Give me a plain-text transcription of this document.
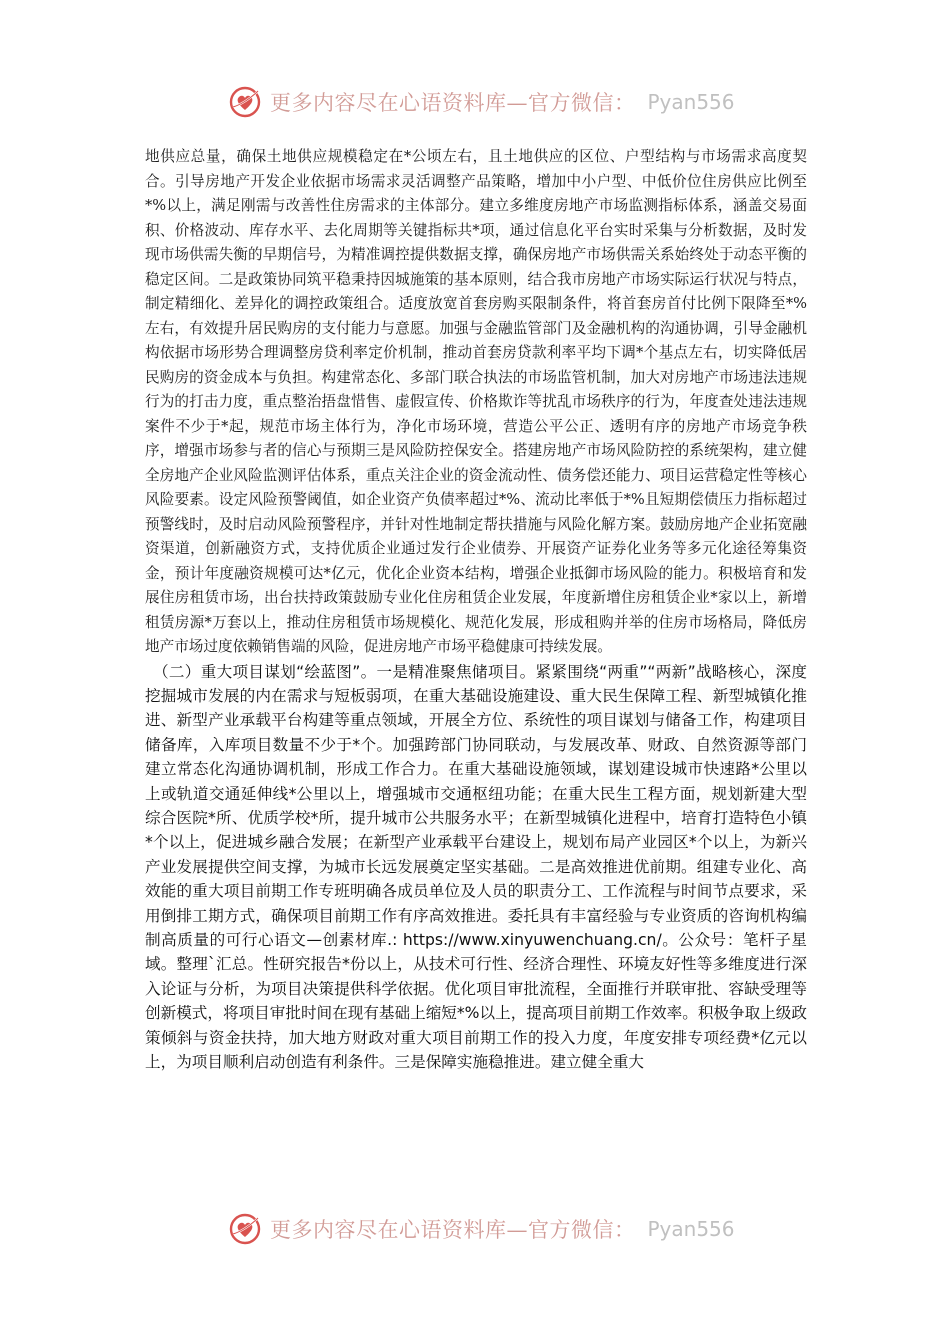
更多内容尽在心语资料库—官方微信： Pyan556

地供应总量，确保土地供应规模稳定在*公顷左右，且土地供应的区位、户型结构与市场需求高度契合。引导房地产开发企业依据市场需求灵活调整产品策略，增加中小户型、中低价位住房供应比例至*%以上，满足刚需与改善性住房需求的主体部分。建立多维度房地产市场监测指标体系，涵盖交易面积、价格波动、库存水平、去化周期等关键指标共*项，通过信息化平台实时采集与分析数据，及时发现市场供需失衡的早期信号，为精准调控提供数据支撑，确保房地产市场供需关系始终处于动态平衡的稳定区间。二是政策协同筑平稳秉持因城施策的基本原则，结合我市房地产市场实际运行状况与特点，制定精细化、差异化的调控政策组合。适度放宽首套房购买限制条件，将首套房首付比例下限降至*%左右，有效提升居民购房的支付能力与意愿。加强与金融监管部门及金融机构的沟通协调，引导金融机构依据市场形势合理调整房贷利率定价机制，推动首套房贷款利率平均下调*个基点左右，切实降低居民购房的资金成本与负担。构建常态化、多部门联合执法的市场监管机制，加大对房地产市场违法违规行为的打击力度，重点整治捂盘惜售、虚假宣传、价格欺诈等扰乱市场秩序的行为，年度查处违法违规案件不少于*起，规范市场主体行为，净化市场环境，营造公平公正、透明有序的房地产市场竞争秩序，增强市场参与者的信心与预期三是风险防控保安全。搭建房地产市场风险防控的系统架构，建立健全房地产企业风险监测评估体系，重点关注企业的资金流动性、债务偿还能力、项目运营稳定性等核心风险要素。设定风险预警阈值，如企业资产负债率超过*%、流动比率低于*%且短期偿债压力指标超过预警线时，及时启动风险预警程序，并针对性地制定帮扶措施与风险化解方案。鼓励房地产企业拓宽融资渠道，创新融资方式，支持优质企业通过发行企业债券、开展资产证券化业务等多元化途径筹集资金，预计年度融资规模可达*亿元，优化企业资本结构，增强企业抵御市场风险的能力。积极培育和发展住房租赁市场，出台扶持政策鼓励专业化住房租赁企业发展，年度新增住房租赁企业*家以上，新增租赁房源*万套以上，推动住房租赁市场规模化、规范化发展，形成租购并举的住房市场格局，降低房地产市场过度依赖销售端的风险，促进房地产市场平稳健康可持续发展。

（二）重大项目谋划“绘蓝图”。一是精准聚焦储项目。紧紧围绕“两重”“两新”战略核心，深度挖掘城市发展的内在需求与短板弱项，在重大基础设施建设、重大民生保障工程、新型城镇化推进、新型产业承载平台构建等重点领域，开展全方位、系统性的项目谋划与储备工作，构建项目储备库，入库项目数量不少于*个。加强跨部门协同联动，与发展改革、财政、自然资源等部门建立常态化沟通协调机制，形成工作合力。在重大基础设施领域，谋划建设城市快速路*公里以上或轨道交通延伸线*公里以上，增强城市交通枢纽功能；在重大民生工程方面，规划新建大型综合医院*所、优质学校*所，提升城市公共服务水平；在新型城镇化进程中，培育打造特色小镇*个以上，促进城乡融合发展；在新型产业承载平台建设上，规划布局产业园区*个以上，为新兴产业发展提供空间支撑，为城市长远发展奠定坚实基础。二是高效推进优前期。组建专业化、高效能的重大项目前期工作专班明确各成员单位及人员的职责分工、工作流程与时间节点要求，采用倒排工期方式，确保项目前期工作有序高效推进。委托具有丰富经验与专业资质的咨询机构编制高质量的可行心语文—创素材库.: https://www.xinyuwenchuang.cn/。公众号：笔杆子星域。整理`汇总。性研究报告*份以上，从技术可行性、经济合理性、环境友好性等多维度进行深入论证与分析，为项目决策提供科学依据。优化项目审批流程，全面推行并联审批、容缺受理等创新模式，将项目审批时间在现有基础上缩短*%以上，提高项目前期工作效率。积极争取上级政策倾斜与资金扶持，加大地方财政对重大项目前期工作的投入力度，年度安排专项经费*亿元以上，为项目顺利启动创造有利条件。三是保障实施稳推进。建立健全重大

更多内容尽在心语资料库—官方微信： Pyan556
